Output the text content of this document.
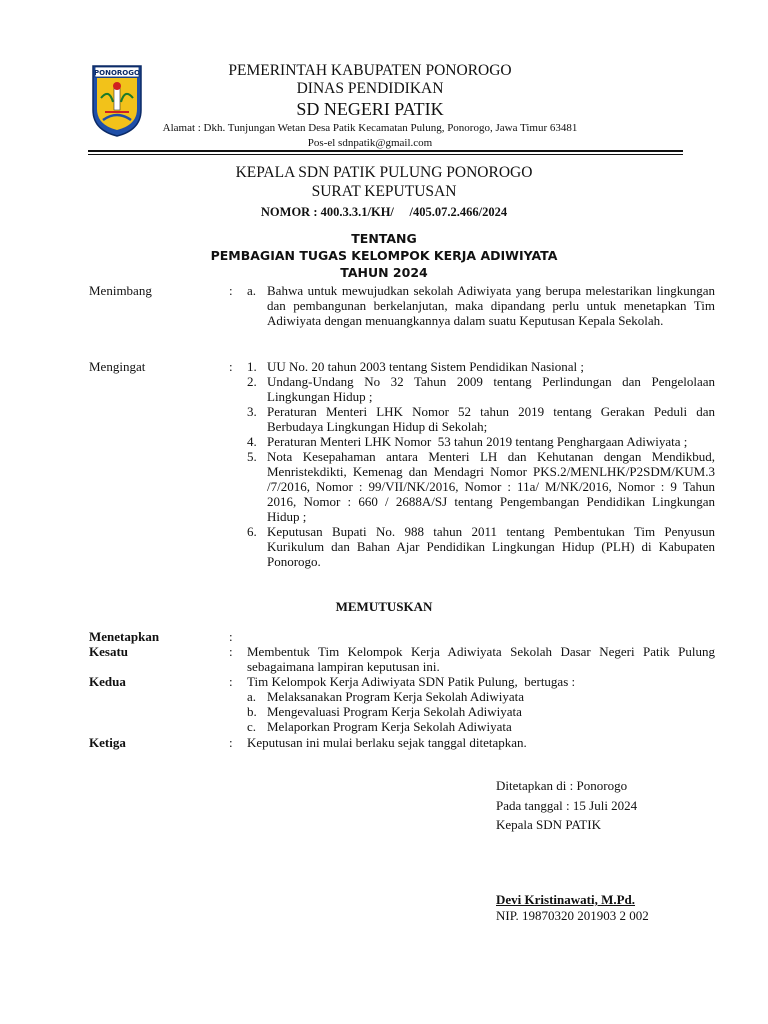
PONOROGO	PEMERINTAH KABUPATEN PONOROGO
DINAS PENDIDIKAN
SD NEGERI PATIK
Alamat : Dkh. Tunjungan Wetan Desa Patik Kecamatan Pulung, Ponorogo, Jawa Timur 63481
Pos-el sdnpatik@gmail.com
KEPALA SDN PATIK PULUNG PONOROGO
SURAT KEPUTUSAN
NOMOR : 400.3.3.1/KH/     /405.07.2.466/2024
TENTANG
PEMBAGIAN TUGAS KELOMPOK KERJA ADIWIYATA
TAHUN 2024
Menimbang	: a. Bahwa untuk mewujudkan sekolah Adiwiyata yang berupa melestarikan lingkungan dan pembangunan berkelanjutan, maka dipandang perlu untuk menetapkan Tim Adiwiyata dengan menuangkannya dalam suatu Keputusan Kepala Sekolah.
Mengingat	: 1. UU No. 20 tahun 2003 tentang Sistem Pendidikan Nasional ;
2. Undang-Undang No 32 Tahun 2009 tentang Perlindungan dan Pengelolaan Lingkungan Hidup ;
3. Peraturan Menteri LHK Nomor 52 tahun 2019 tentang Gerakan Peduli dan Berbudaya Lingkungan Hidup di Sekolah;
4. Peraturan Menteri LHK Nomor  53 tahun 2019 tentang Penghargaan Adiwiyata ;
5. Nota Kesepahaman antara Menteri LH dan Kehutanan dengan Mendikbud, Menristekdikti, Kemenag dan Mendagri Nomor PKS.2/MENLHK/P2SDM/KUM.3 /7/2016, Nomor : 99/VII/NK/2016, Nomor : 11a/ M/NK/2016, Nomor : 9 Tahun 2016, Nomor : 660 / 2688A/SJ tentang Pengembangan Pendidikan Lingkungan Hidup ;
6. Keputusan Bupati No. 988 tahun 2011 tentang Pembentukan Tim Penyusun Kurikulum dan Bahan Ajar Pendidikan Lingkungan Hidup (PLH) di Kabupaten Ponorogo.
MEMUTUSKAN
Menetapkan	:
Kesatu	: Membentuk Tim Kelompok Kerja Adiwiyata Sekolah Dasar Negeri Patik Pulung sebagaimana lampiran keputusan ini.
Kedua	: Tim Kelompok Kerja Adiwiyata SDN Patik Pulung,  bertugas :
a. Melaksanakan Program Kerja Sekolah Adiwiyata
b. Mengevaluasi Program Kerja Sekolah Adiwiyata
c. Melaporkan Program Kerja Sekolah Adiwiyata
Ketiga	: Keputusan ini mulai berlaku sejak tanggal ditetapkan.
Ditetapkan di : Ponorogo
Pada tanggal : 15 Juli 2024
Kepala SDN PATIK
Devi Kristinawati, M.Pd.
NIP. 19870320 201903 2 002
